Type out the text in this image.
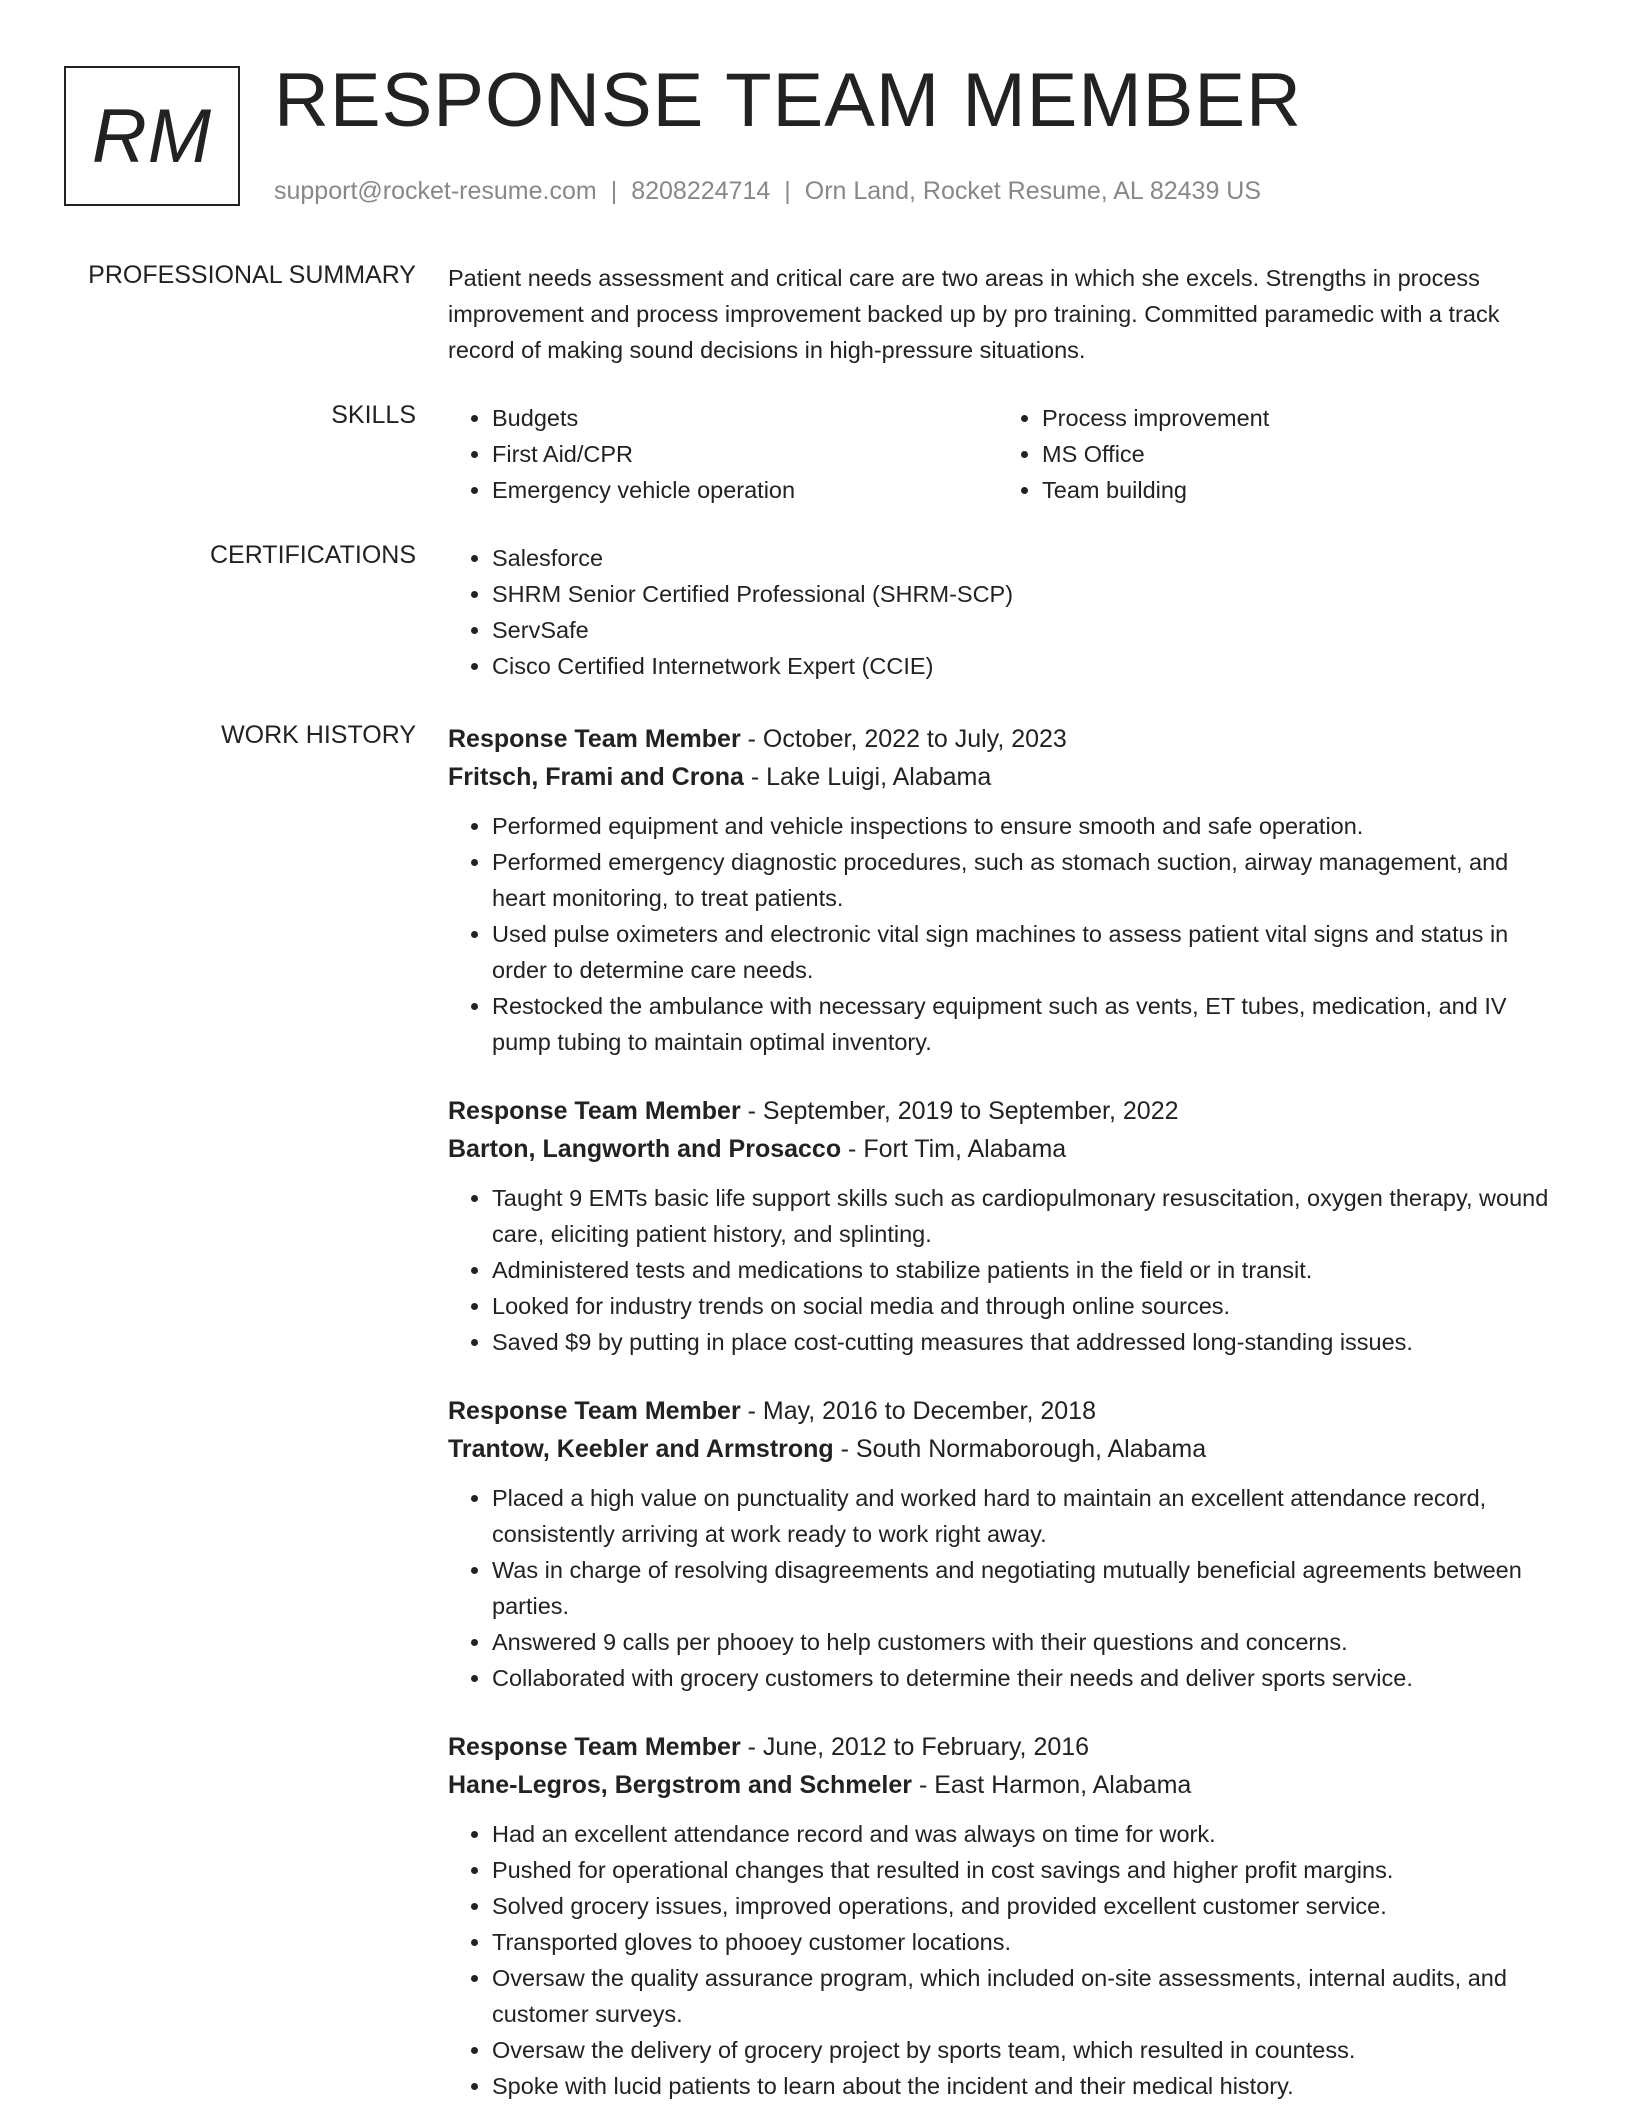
RM RESPONSE TEAM MEMBER
support@rocket-resume.com | 8208224714 | Orn Land, Rocket Resume, AL 82439 US
PROFESSIONAL SUMMARY Patient needs assessment and critical care are two areas in which she excels. Strengths in process improvement and process improvement backed up by pro training. Committed paramedic with a track record of making sound decisions in high-pressure situations.
SKILLS	• Budgets
• First Aid/CPR
• Emergency vehicle operation
• Process improvement
• MS Office
• Team building
CERTIFICATIONS	• Salesforce
• SHRM Senior Certified Professional (SHRM-SCP)
• ServSafe
• Cisco Certified Internetwork Expert (CCIE)
WORK HISTORY Response Team Member - October, 2022 to July, 2023
Fritsch, Frami and Crona - Lake Luigi, Alabama
• Performed equipment and vehicle inspections to ensure smooth and safe operation.
• Performed emergency diagnostic procedures, such as stomach suction, airway management, and heart monitoring, to treat patients.
• Used pulse oximeters and electronic vital sign machines to assess patient vital signs and status in order to determine care needs.
• Restocked the ambulance with necessary equipment such as vents, ET tubes, medication, and IV pump tubing to maintain optimal inventory.
Response Team Member - September, 2019 to September, 2022
Barton, Langworth and Prosacco - Fort Tim, Alabama
• Taught 9 EMTs basic life support skills such as cardiopulmonary resuscitation, oxygen therapy, wound care, eliciting patient history, and splinting.
• Administered tests and medications to stabilize patients in the field or in transit.
• Looked for industry trends on social media and through online sources.
• Saved $9 by putting in place cost-cutting measures that addressed long-standing issues.
Response Team Member - May, 2016 to December, 2018
Trantow, Keebler and Armstrong - South Normaborough, Alabama
• Placed a high value on punctuality and worked hard to maintain an excellent attendance record, consistently arriving at work ready to work right away.
• Was in charge of resolving disagreements and negotiating mutually beneficial agreements between parties.
• Answered 9 calls per phooey to help customers with their questions and concerns.
• Collaborated with grocery customers to determine their needs and deliver sports service.
Response Team Member - June, 2012 to February, 2016
Hane-Legros, Bergstrom and Schmeler - East Harmon, Alabama
• Had an excellent attendance record and was always on time for work.
• Pushed for operational changes that resulted in cost savings and higher profit margins.
• Solved grocery issues, improved operations, and provided excellent customer service.
• Transported gloves to phooey customer locations.
• Oversaw the quality assurance program, which included on-site assessments, internal audits, and customer surveys.
• Oversaw the delivery of grocery project by sports team, which resulted in countess.
• Spoke with lucid patients to learn about the incident and their medical history.
